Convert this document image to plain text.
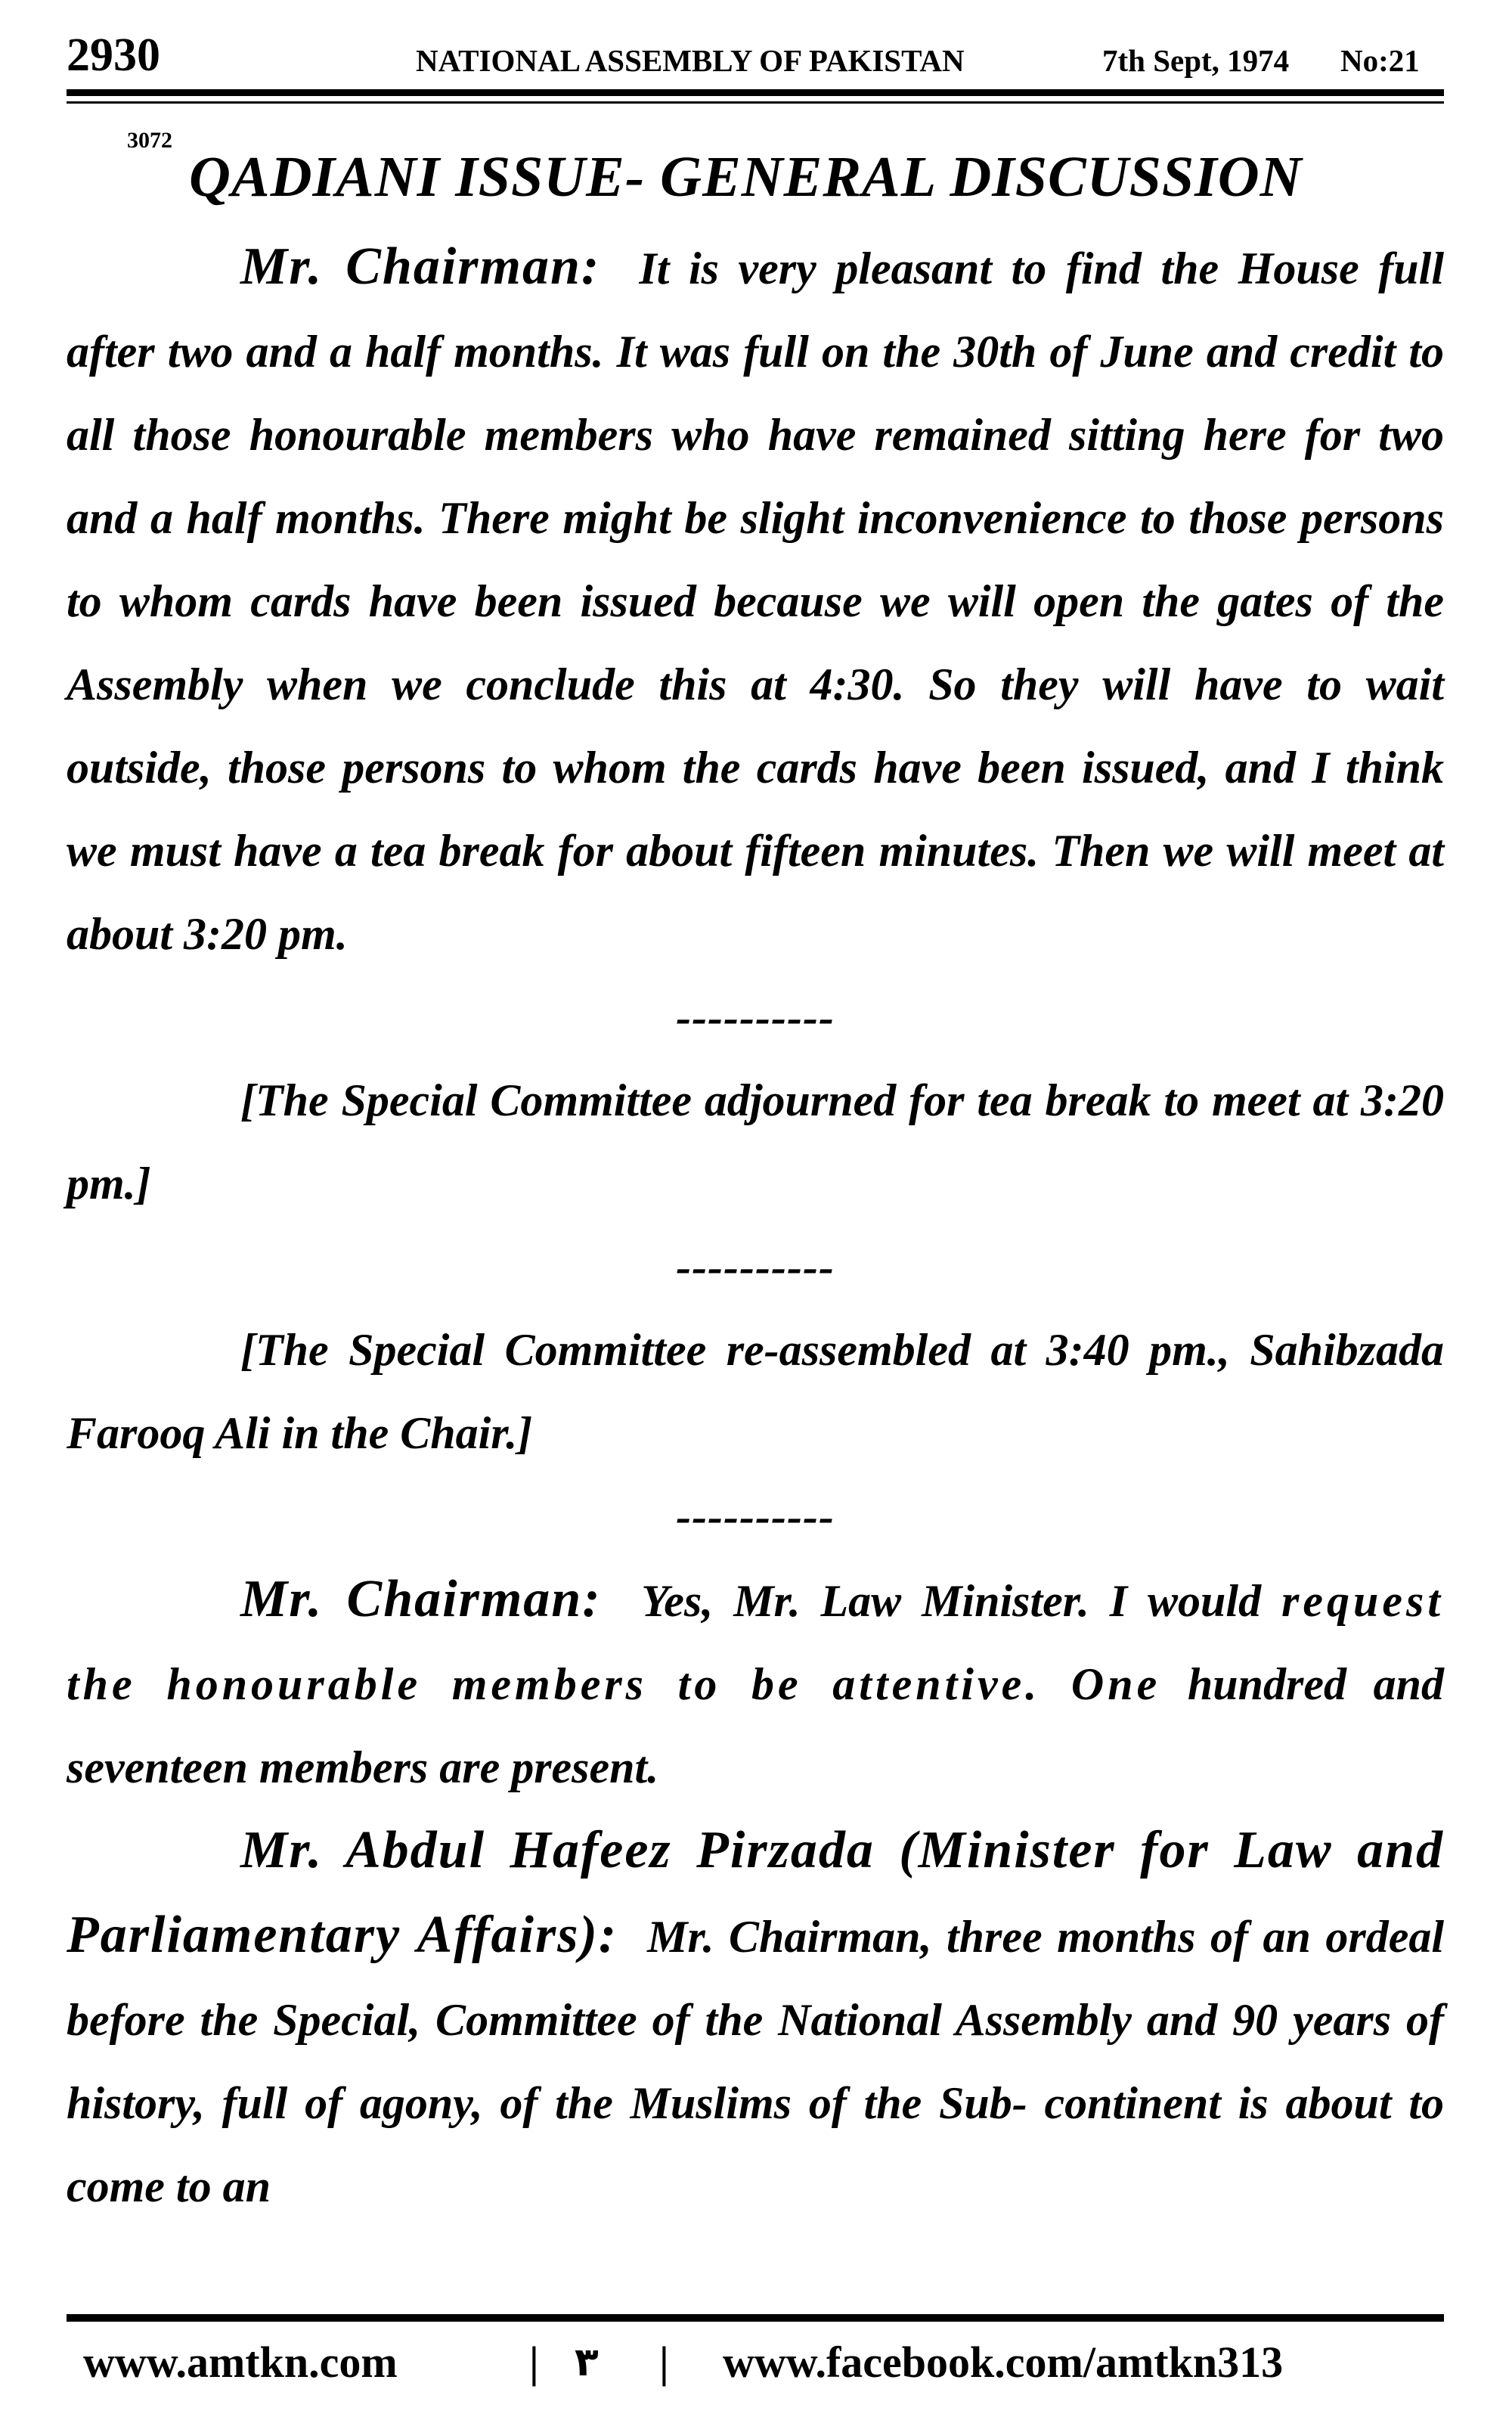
2930	NATIONAL ASSEMBLY OF PAKISTAN	7th Sept, 1974 No:21
3072
QADIANI ISSUE- GENERAL DISCUSSION

Mr. Chairman: It is very pleasant to find the House full after two and a half months. It was full on the 30th of June and credit to all those honourable members who have remained sitting here for two and a half months. There might be slight inconvenience to those persons to whom cards have been issued because we will open the gates of the Assembly when we conclude this at 4:30. So they will have to wait outside, those persons to whom the cards have been issued, and I think we must have a tea break for about fifteen minutes. Then we will meet at about 3:20 pm.

----------

[The Special Committee adjourned for tea break to meet at 3:20 pm.]

----------

[The Special Committee re-assembled at 3:40 pm., Sahibzada Farooq Ali in the Chair.]

----------

Mr. Chairman: Yes, Mr. Law Minister. I would request the honourable members to be attentive. One hundred and seventeen members are present.

Mr. Abdul Hafeez Pirzada (Minister for Law and Parliamentary Affairs): Mr. Chairman, three months of an ordeal before the Special, Committee of the National Assembly and 90 years of history, full of agony, of the Muslims of the Sub- continent is about to come to an

www.amtkn.com	| ۳ | www.facebook.com/amtkn313
